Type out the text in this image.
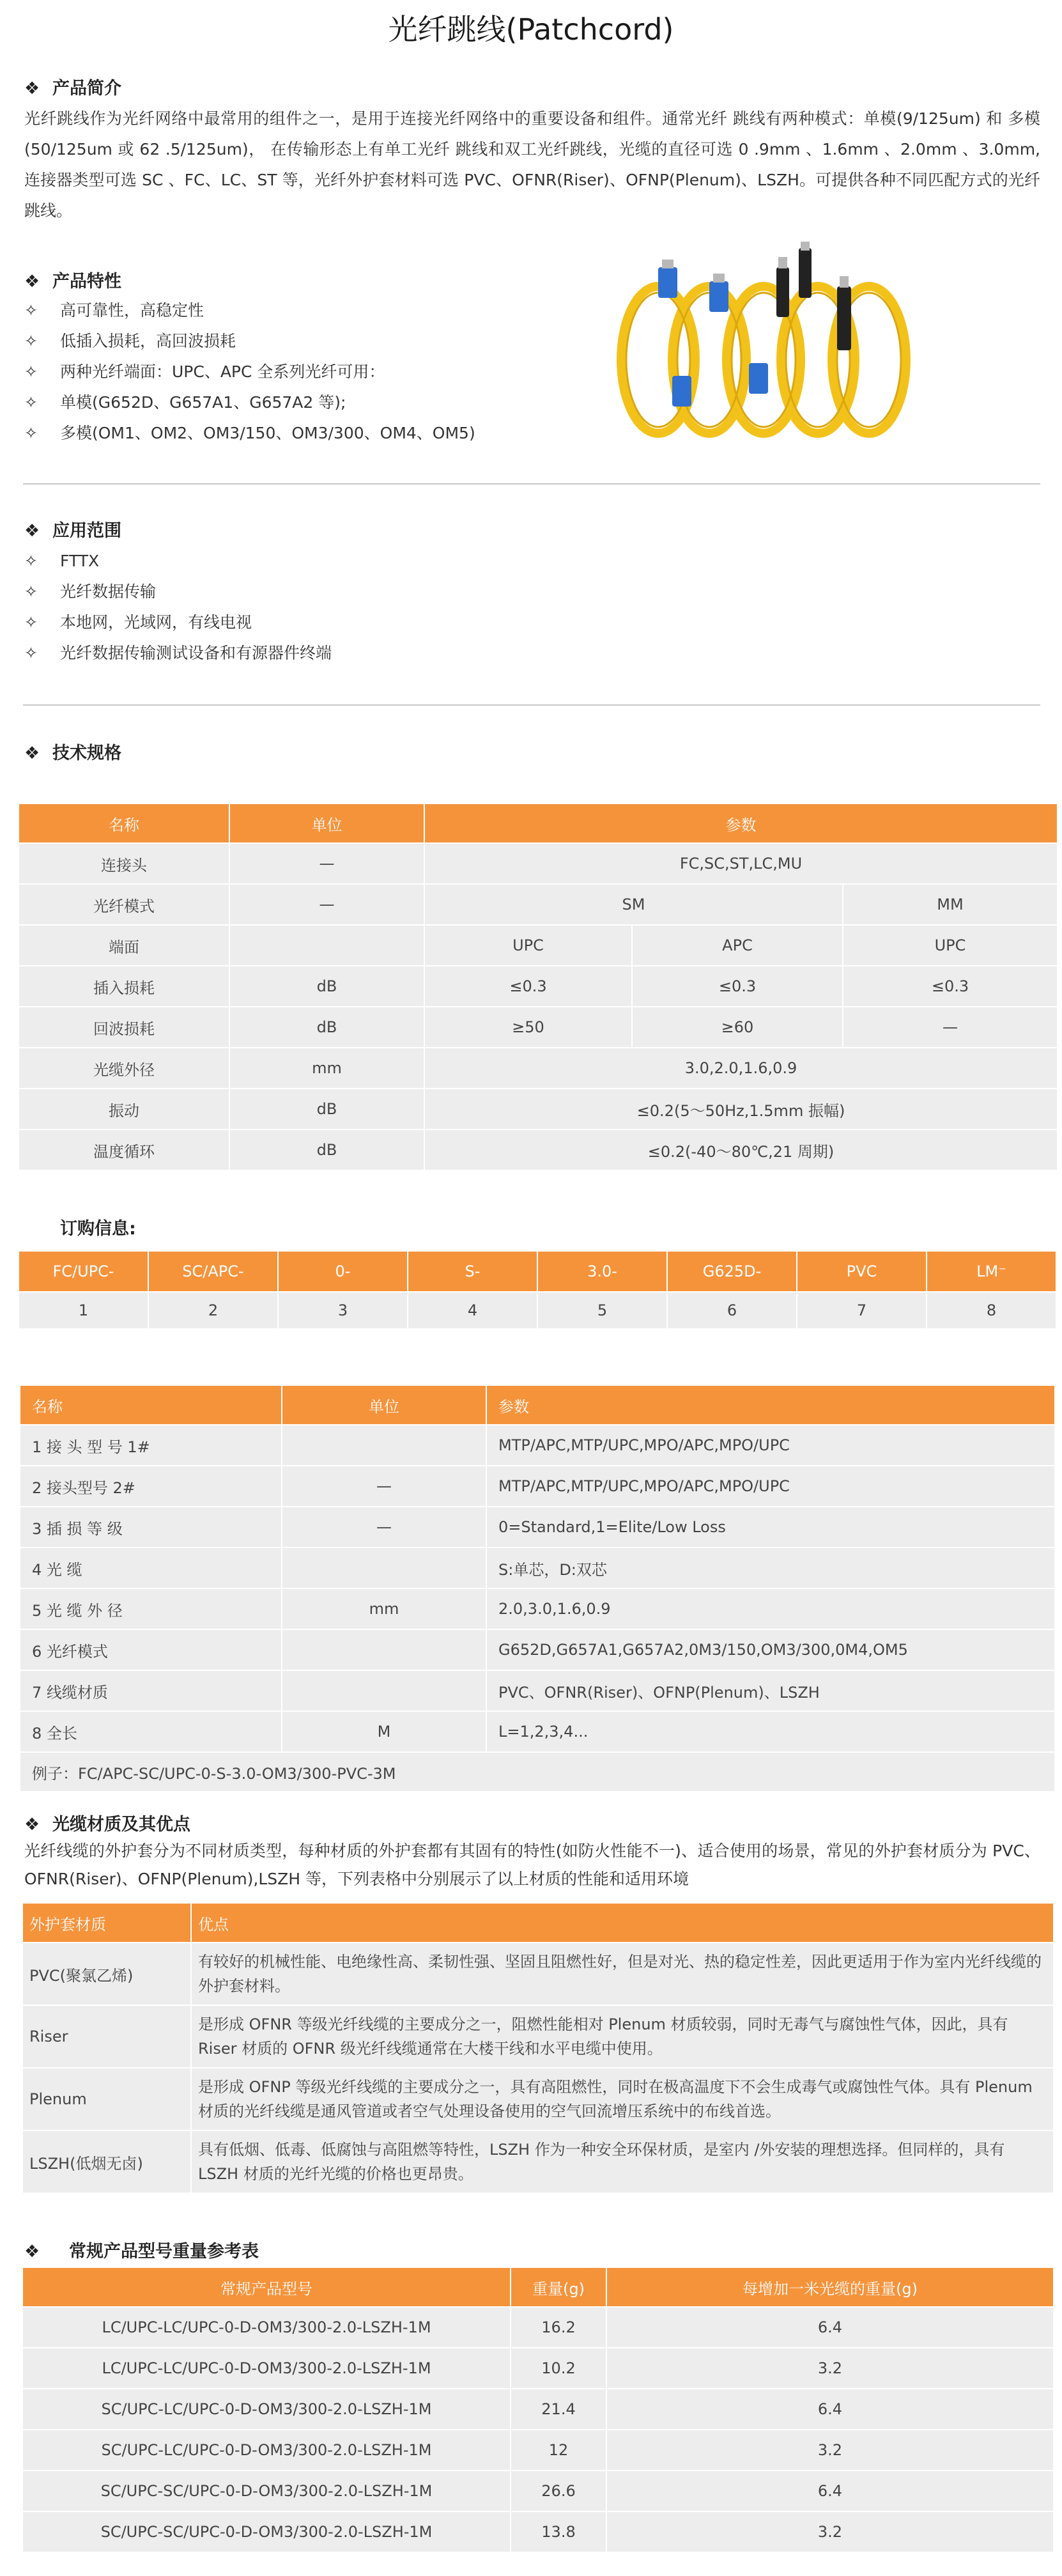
光纤跳线(Patchcord)
❖ 产品简介
光纤跳线作为光纤网络中最常用的组件之一，是用于连接光纤网络中的重要设备和组件。通常光纤 跳线有两种模式：单模(9/125um) 和 多模(50/125um 或 62 .5/125um)， 在传输形态上有单工光纤 跳线和双工光纤跳线，光缆的直径可选 0 .9mm 、1.6mm 、2.0mm 、3.0mm,连接器类型可选 SC 、FC、LC、ST 等，光纤外护套材料可选 PVC、OFNR(Riser)、OFNP(Plenum)、LSZH。可提供各种不同匹配方式的光纤跳线。
❖ 产品特性
✧ 高可靠性，高稳定性
✧ 低插入损耗，高回波损耗
✧ 两种光纤端面：UPC、APC 全系列光纤可用：
✧ 单模(G652D、G657A1、G657A2 等);
✧ 多模(OM1、OM2、OM3/150、OM3/300、OM4、OM5)
❖ 应用范围
✧ FTTX
✧ 光纤数据传输
✧ 本地网，光域网，有线电视
✧ 光纤数据传输测试设备和有源器件终端
❖ 技术规格
名称	单位	参数		
连接头	—	FC,SC,ST,LC,MU		
光纤模式	—	SM		MM
端面		UPC	APC	UPC
插入损耗	dB	≤0.3	≤0.3	≤0.3
回波损耗	dB	≥50	≥60	—
光缆外径	mm	3.0,2.0,1.6,0.9		
振动	dB	≤0.2(5～50Hz,1.5mm 振幅)		
温度循环	dB	≤0.2(-40～80℃,21 周期)		
订购信息:
FC/UPC-	SC/APC-	0-	S-	3.0-	G625D-	PVC	LM⁻
1	2	3	4	5	6	7	8
名称	单位	参数
1 接 头 型 号 1#		MTP/APC,MTP/UPC,MPO/APC,MPO/UPC
2 接头型号 2#	—	MTP/APC,MTP/UPC,MPO/APC,MPO/UPC
3 插 损 等 级	—	0=Standard,1=Elite/Low Loss
4 光 缆		S:单芯，D:双芯
5 光 缆 外 径	mm	2.0,3.0,1.6,0.9
6 光纤模式		G652D,G657A1,G657A2,0M3/150,OM3/300,0M4,OM5
7 线缆材质		PVC、OFNR(Riser)、OFNP(Plenum)、LSZH
8 全长	M	L=1,2,3,4...
例子：FC/APC-SC/UPC-0-S-3.0-OM3/300-PVC-3M		
❖ 光缆材质及其优点
光纤线缆的外护套分为不同材质类型，每种材质的外护套都有其固有的特性(如防火性能不一)、适合使用的场景，常见的外护套材质分为 PVC、OFNR(Riser)、OFNP(Plenum),LSZH 等，下列表格中分别展示了以上材质的性能和适用环境
外护套材质	优点
PVC(聚氯乙烯)	有较好的机械性能、电绝缘性高、柔韧性强、坚固且阻燃性好，但是对光、热的稳定性差，因此更适用于作为室内光纤线缆的外护套材料。
Riser	是形成 OFNR 等级光纤线缆的主要成分之一，阻燃性能相对 Plenum 材质较弱，同时无毒气与腐蚀性气体，因此，具有 Riser 材质的 OFNR 级光纤线缆通常在大楼干线和水平电缆中使用。
Plenum	是形成 OFNP 等级光纤线缆的主要成分之一，具有高阻燃性，同时在极高温度下不会生成毒气或腐蚀性气体。具有 Plenum 材质的光纤线缆是通风管道或者空气处理设备使用的空气回流增压系统中的布线首选。
LSZH(低烟无卤)	具有低烟、低毒、低腐蚀与高阻燃等特性，LSZH 作为一种安全环保材质，是室内 /外安装的理想选择。但同样的，具有 LSZH 材质的光纤光缆的价格也更昂贵。
❖ 常规产品型号重量参考表
常规产品型号	重量(g)	每增加一米光缆的重量(g)
LC/UPC-LC/UPC-0-D-OM3/300-2.0-LSZH-1M	16.2	6.4
LC/UPC-LC/UPC-0-D-OM3/300-2.0-LSZH-1M	10.2	3.2
SC/UPC-LC/UPC-0-D-OM3/300-2.0-LSZH-1M	21.4	6.4
SC/UPC-LC/UPC-0-D-OM3/300-2.0-LSZH-1M	12	3.2
SC/UPC-SC/UPC-0-D-OM3/300-2.0-LSZH-1M	26.6	6.4
SC/UPC-SC/UPC-0-D-OM3/300-2.0-LSZH-1M	13.8	3.2
